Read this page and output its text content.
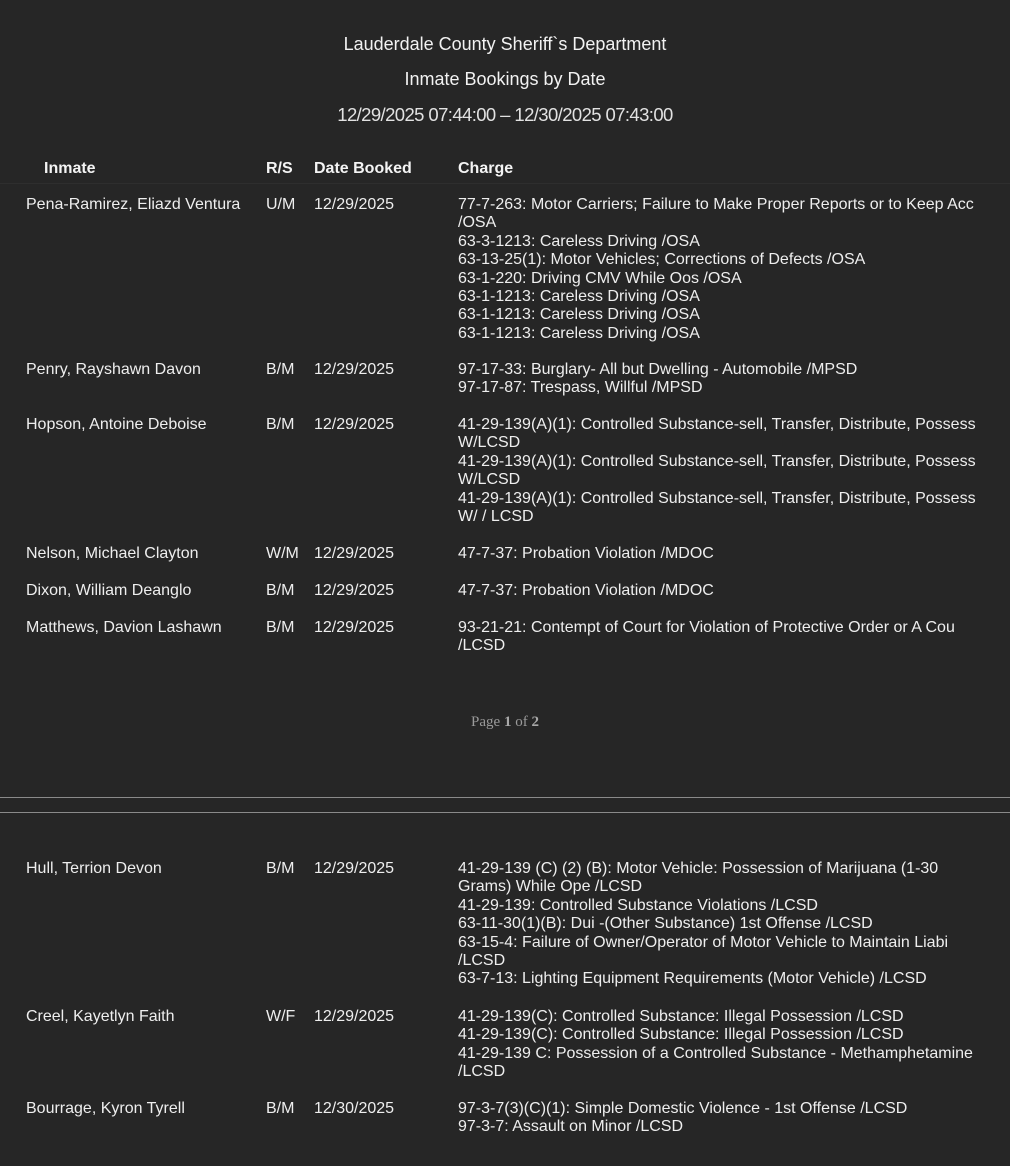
Lauderdale County Sheriff`s Department
Inmate Bookings by Date
12/29/2025 07:44:00 – 12/30/2025 07:43:00
Inmate	R/S Date Booked	Charge
Pena-Ramirez, Eliazd Ventura U/M 12/29/2025	77-7-263: Motor Carriers; Failure to Make Proper Reports or to Keep Acc /OSA
63-3-1213: Careless Driving /OSA
63-13-25(1): Motor Vehicles; Corrections of Defects /OSA
63-1-220: Driving CMV While Oos /OSA
63-1-1213: Careless Driving /OSA
63-1-1213: Careless Driving /OSA
63-1-1213: Careless Driving /OSA
Penry, Rayshawn Davon	B/M 12/29/2025	97-17-33: Burglary- All but Dwelling - Automobile /MPSD
97-17-87: Trespass, Willful /MPSD
Hopson, Antoine Deboise	B/M 12/29/2025	41-29-139(A)(1): Controlled Substance-sell, Transfer, Distribute, Possess W/LCSD
41-29-139(A)(1): Controlled Substance-sell, Transfer, Distribute, Possess W/LCSD
41-29-139(A)(1): Controlled Substance-sell, Transfer, Distribute, Possess W/ / LCSD
Nelson, Michael Clayton	W/M 12/29/2025	47-7-37: Probation Violation /MDOC
Dixon, William Deanglo	B/M 12/29/2025	47-7-37: Probation Violation /MDOC
Matthews, Davion Lashawn	B/M 12/29/2025	93-21-21: Contempt of Court for Violation of Protective Order or A Cou /LCSD
Page 1 of 2
Hull, Terrion Devon	B/M 12/29/2025	41-29-139 (C) (2) (B): Motor Vehicle: Possession of Marijuana (1-30 Grams) While Ope /LCSD
41-29-139: Controlled Substance Violations /LCSD
63-11-30(1)(B): Dui -(Other Substance) 1st Offense /LCSD
63-15-4: Failure of Owner/Operator of Motor Vehicle to Maintain Liabi /LCSD
63-7-13: Lighting Equipment Requirements (Motor Vehicle) /LCSD
Creel, Kayetlyn Faith	W/F 12/29/2025	41-29-139(C): Controlled Substance: Illegal Possession /LCSD
41-29-139(C): Controlled Substance: Illegal Possession /LCSD
41-29-139 C: Possession of a Controlled Substance - Methamphetamine /LCSD
Bourrage, Kyron Tyrell	B/M 12/30/2025	97-3-7(3)(C)(1): Simple Domestic Violence - 1st Offense /LCSD
97-3-7: Assault on Minor /LCSD
